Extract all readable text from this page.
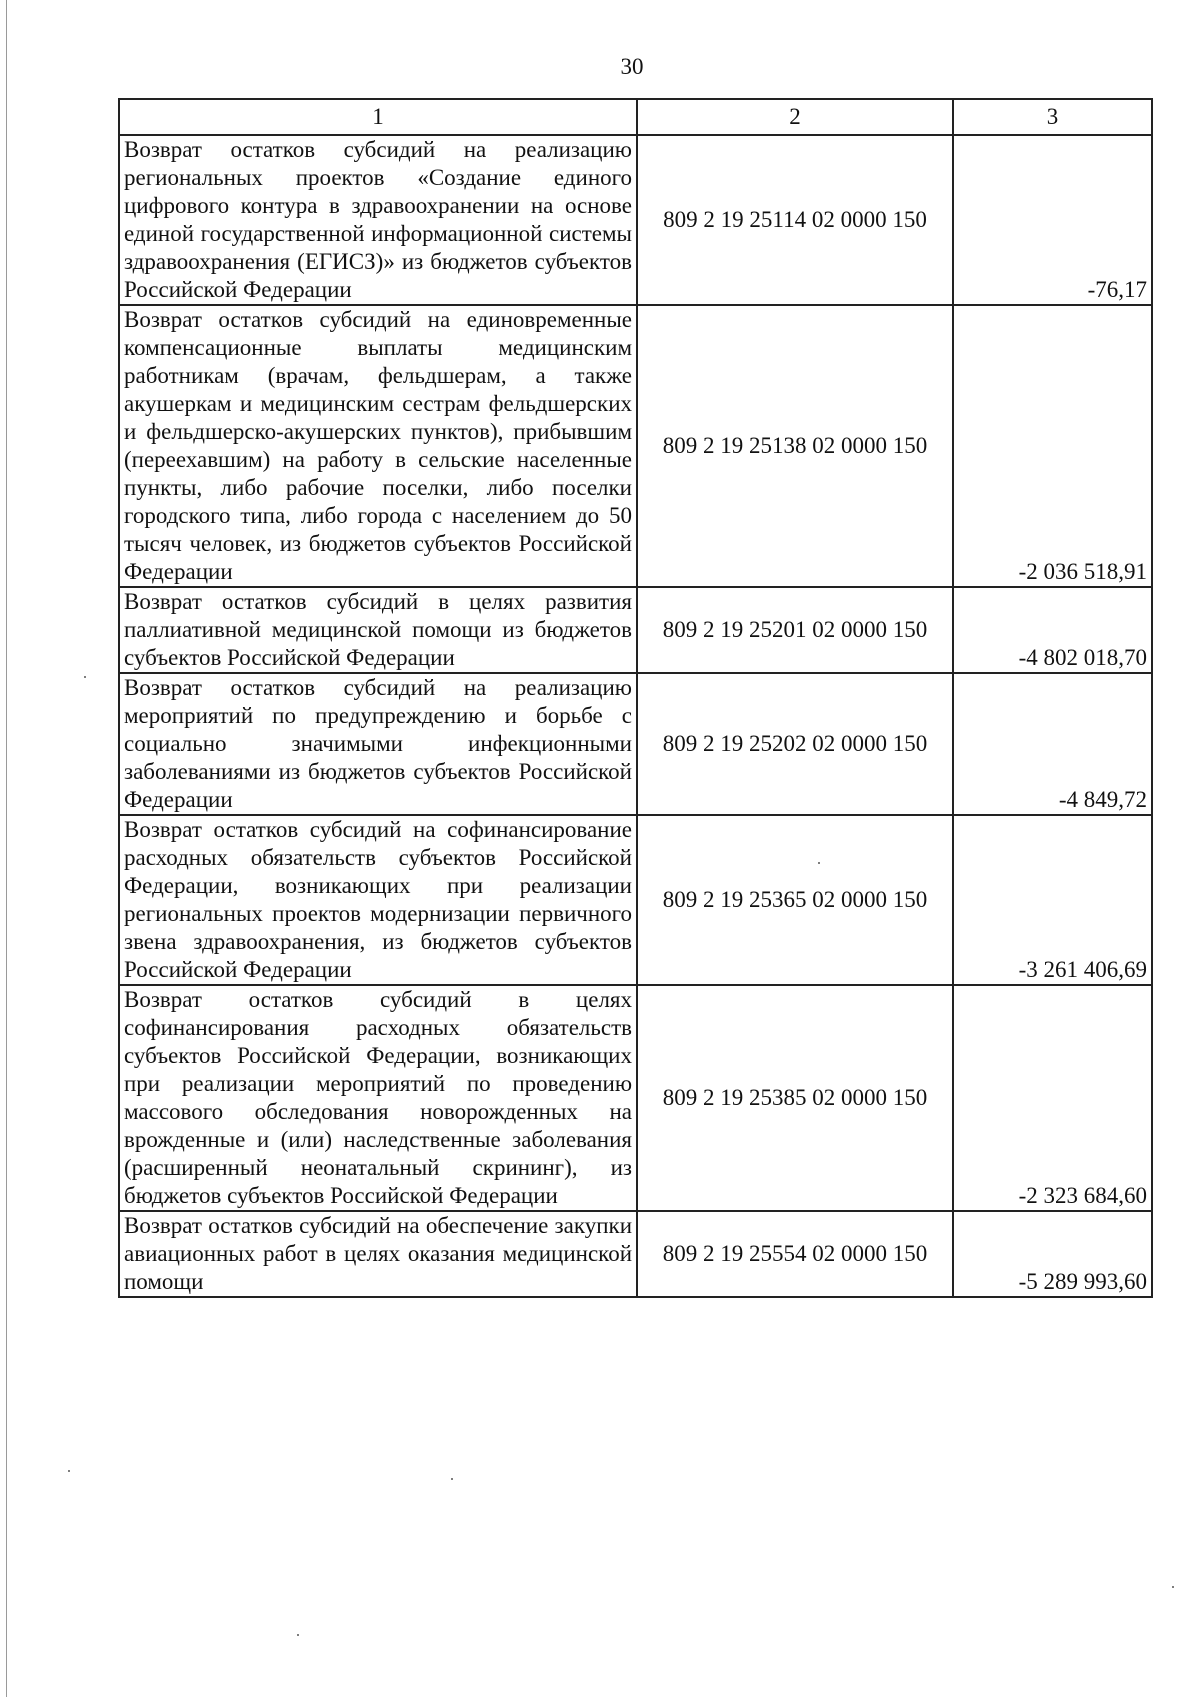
30

1	2	3
Возврат остатков субсидий на реализацию региональных проектов «Создание единого цифрового контура в здравоохранении на основе единой государственной информационной системы здравоохранения (ЕГИСЗ)» из бюджетов субъектов Российской Федерации	809 2 19 25114 02 0000 150	-76,17
Возврат остатков субсидий на единовременные компенсационные выплаты медицинским работникам (врачам, фельдшерам, а также акушеркам и медицинским сестрам фельдшерских и фельдшерско-акушерских пунктов), прибывшим (переехавшим) на работу в сельские населенные пункты, либо рабочие поселки, либо поселки городского типа, либо города с населением до 50 тысяч человек, из бюджетов субъектов Российской Федерации	809 2 19 25138 02 0000 150	-2 036 518,91
Возврат остатков субсидий в целях развития паллиативной медицинской помощи из бюджетов субъектов Российской Федерации	809 2 19 25201 02 0000 150	-4 802 018,70
Возврат остатков субсидий на реализацию мероприятий по предупреждению и борьбе с социально значимыми инфекционными заболеваниями из бюджетов субъектов Российской Федерации	809 2 19 25202 02 0000 150	-4 849,72
Возврат остатков субсидий на софинансирование расходных обязательств субъектов Российской Федерации, возникающих при реализации региональных проектов модернизации первичного звена здравоохранения, из бюджетов субъектов Российской Федерации	809 2 19 25365 02 0000 150	-3 261 406,69
Возврат остатков субсидий в целях софинансирования расходных обязательств субъектов Российской Федерации, возникающих при реализации мероприятий по проведению массового обследования новорожденных на врожденные и (или) наследственные заболевания (расширенный неонатальный скрининг), из бюджетов субъектов Российской Федерации	809 2 19 25385 02 0000 150	-2 323 684,60
Возврат остатков субсидий на обеспечение закупки авиационных работ в целях оказания медицинской помощи	809 2 19 25554 02 0000 150	-5 289 993,60
